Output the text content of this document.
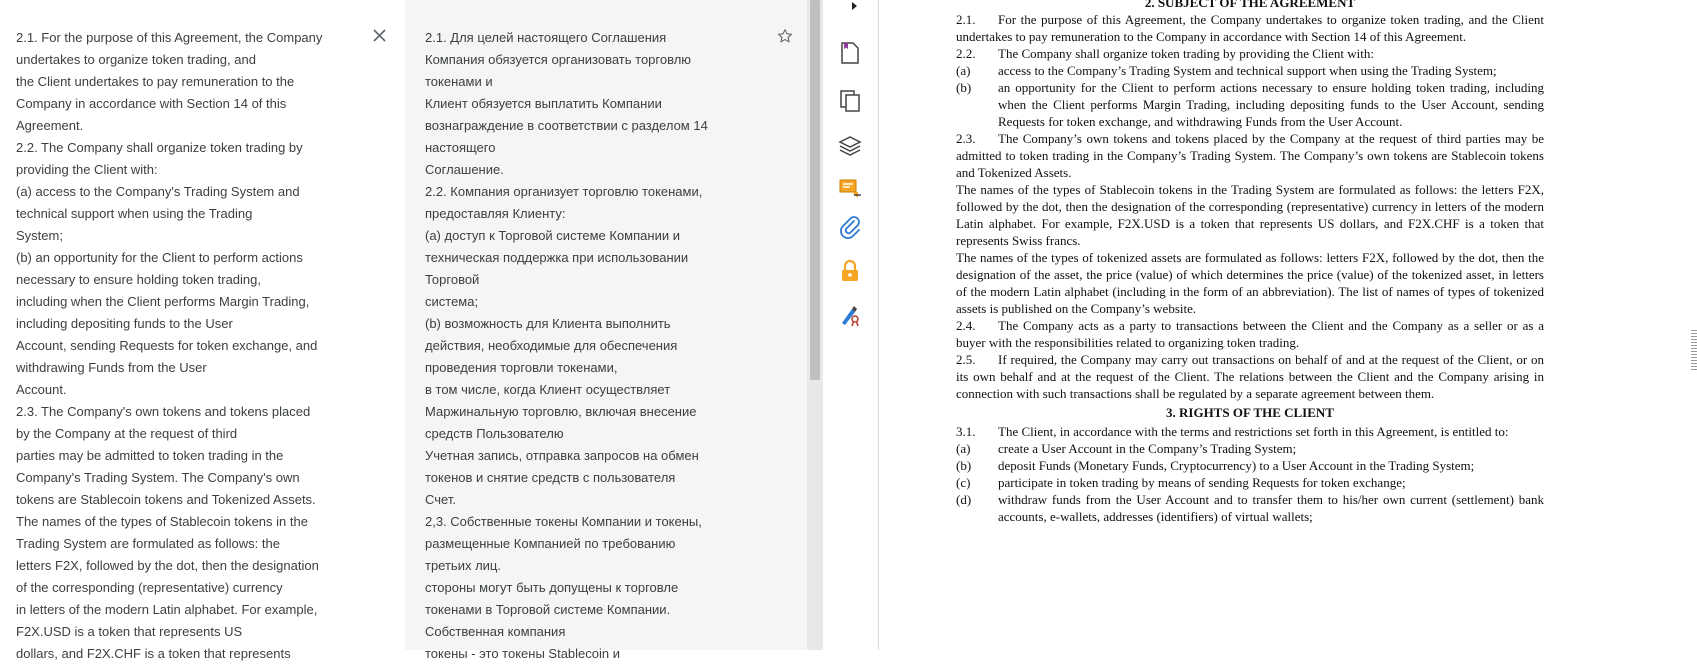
2.1. For the purpose of this Agreement, the Company
undertakes to organize token trading, and
the Client undertakes to pay remuneration to the
Company in accordance with Section 14 of this
Agreement.
2.2. The Company shall organize token trading by
providing the Client with:
(a) access to the Company's Trading System and
technical support when using the Trading
System;
(b) an opportunity for the Client to perform actions
necessary to ensure holding token trading,
including when the Client performs Margin Trading,
including depositing funds to the User
Account, sending Requests for token exchange, and
withdrawing Funds from the User
Account.
2.3. The Company's own tokens and tokens placed
by the Company at the request of third
parties may be admitted to token trading in the
Company's Trading System. The Company's own
tokens are Stablecoin tokens and Tokenized Assets.
The names of the types of Stablecoin tokens in the
Trading System are formulated as follows: the
letters F2X, followed by the dot, then the designation
of the corresponding (representative) currency
in letters of the modern Latin alphabet. For example,
F2X.USD is a token that represents US
dollars, and F2X.CHF is a token that represents
2.1. Для целей настоящего Соглашения
Компания обязуется организовать торговлю
токенами и
Клиент обязуется выплатить Компании
вознаграждение в соответствии с разделом 14
настоящего
Соглашение.
2.2. Компания организует торговлю токенами,
предоставляя Клиенту:
(а) доступ к Торговой системе Компании и
техническая поддержка при использовании
Торговой
система;
(b) возможность для Клиента выполнить
действия, необходимые для обеспечения
проведения торговли токенами,
в том числе, когда Клиент осуществляет
Маржинальную торговлю, включая внесение
средств Пользователю
Учетная запись, отправка запросов на обмен
токенов и снятие средств с пользователя
Счет.
2,3. Собственные токены Компании и токены,
размещенные Компанией по требованию
третьих лиц.
стороны могут быть допущены к торговле
токенами в Торговой системе Компании.
Собственная компания
токены - это токены Stablecoin и

2. SUBJECT OF THE AGREEMENT

2.1. For the purpose of this Agreement, the Company undertakes to organize token trading, and the Client undertakes to pay remuneration to the Company in accordance with Section 14 of this Agreement.

2.2. The Company shall organize token trading by providing the Client with:

(a)	access to the Company’s Trading System and technical support when using the Trading System;
(b)	an opportunity for the Client to perform actions necessary to ensure holding token trading, including when the Client performs Margin Trading, including depositing funds to the User Account, sending Requests for token exchange, and withdrawing Funds from the User Account.

2.3. The Company’s own tokens and tokens placed by the Company at the request of third parties may be admitted to token trading in the Company’s Trading System. The Company’s own tokens are Stablecoin tokens and Tokenized Assets.

The names of the types of Stablecoin tokens in the Trading System are formulated as follows: the letters F2X, followed by the dot, then the designation of the corresponding (representative) currency in letters of the modern Latin alphabet. For example, F2X.USD is a token that represents US dollars, and F2X.CHF is a token that represents Swiss francs.

The names of the types of tokenized assets are formulated as follows: letters F2X, followed by the dot, then the designation of the asset, the price (value) of which determines the price (value) of the tokenized asset, in letters of the modern Latin alphabet (including in the form of an abbreviation). The list of names of types of tokenized assets is published on the Company’s website.

2.4. The Company acts as a party to transactions between the Client and the Company as a seller or as a buyer with the responsibilities related to organizing token trading.

2.5. If required, the Company may carry out transactions on behalf of and at the request of the Client, or on its own behalf and at the request of the Client. The relations between the Client and the Company arising in connection with such transactions shall be regulated by a separate agreement between them.

3. RIGHTS OF THE CLIENT

3.1. The Client, in accordance with the terms and restrictions set forth in this Agreement, is entitled to:

(a)	create a User Account in the Company’s Trading System;
(b)	deposit Funds (Monetary Funds, Cryptocurrency) to a User Account in the Trading System;
(c)	participate in token trading by means of sending Requests for token exchange;
(d)	withdraw funds from the User Account and to transfer them to his/her own current (settlement) bank accounts, e-wallets, addresses (identifiers) of virtual wallets;
